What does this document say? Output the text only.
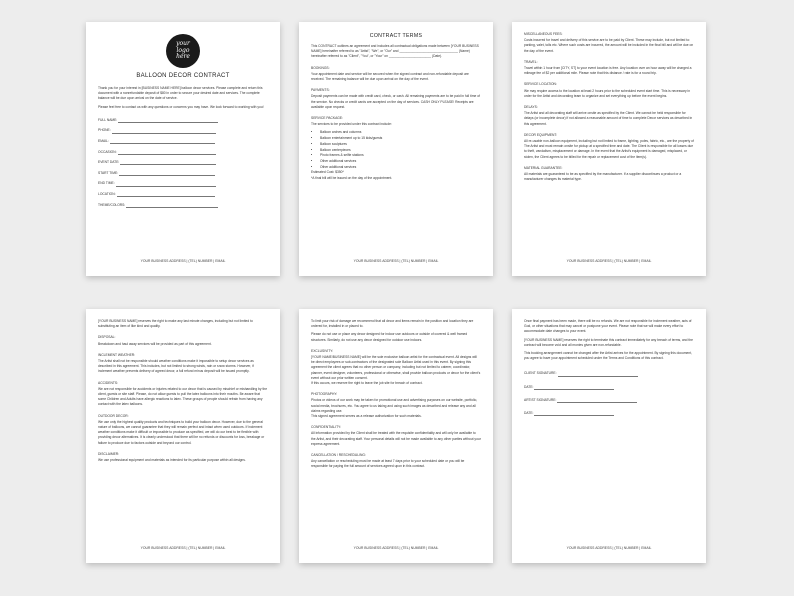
your
logo
here
BALLOON DECOR CONTRACT

Thank you for your interest in [BUSINESS NAME HERE] balloon decor services. Please complete and return this document with a nonrefundable deposit of $80 in order to secure your desired date and services. The complete balance will be due upon arrival on the date of service.

Please feel free to contact us with any questions or concerns you may have. We look forward to working with you!

FULL NAME:
PHONE:
EMAIL:
OCCASION:
EVENT DATE:
START TIME:
END TIME:
LOCATION:
THEME/COLORS:
YOUR BUSINESS ADDRESS | (TEL) NUMBER | EMAIL
CONTRACT TERMS

This CONTRACT outlines an agreement and includes all contractual obligations made between [YOUR BUSINESS NAME] hereinafter referred to as "Artist", "We", or "Our" and ________________________________ (Name) hereinafter referred to as "Client", "You", or "Your" on _______________________ (Date).

BOOKINGS:

Your appointment date and service will be secured when the signed contract and non-refundable deposit are received. The remaining balance will be due upon arrival on the day of the event.

PAYMENTS:

Deposit payments can be made with credit card, check, or cash. All remaining payments are to be paid in full time of the service. No checks or credit cards are accepted on the day of services. CASH ONLY PLEASE! Receipts are available upon request.

SERVICE PACKAGE:

The services to be provided under this contract include:

• Balloon arches and columns
• Balloon entertainment up to 15 kids/guests
• Balloon sculptures
• Balloon centerpieces
• Photo frames & selfie stations
• Other additional services
• Other additional services
Estimated Cost: $350*
*A final bill will be issued on the day of the appointment.
YOUR BUSINESS ADDRESS | (TEL) NUMBER | EMAIL
MISCELLANEOUS FEES:

Costs incurred for travel and delivery of this service are to be paid by Client. These may include, but not limited to: parking, valet, tolls etc. Where such costs are incurred, the amount will be included in the final bill and will be due on the day of the event.

TRAVEL:

Travel within 1 hour from [CITY, ST] to your event location is free. Any location over an hour away will be charged a mileage fee of $2 per additional mile. Please note that this distance / rate is for a round trip.

SERVICE LOCATION:

We may require access to the location at least 2 hours prior to the scheduled event start time. This is necessary in order for the Artist and decorating team to organize and set everything up before the event begins.

DELAYS:

The Artist and all decorating staff will arrive onsite as specified by the Client. We cannot be held responsible for delays (or incomplete decor) if not allowed a reasonable amount of time to complete Decor services as described in this agreement.

DECOR EQUIPMENT:

All re-usable non-balloon equipment, including but not limited to frame, lighting, poles, fabric, etc., are the property of The Artist and must remain onsite for pickup at a specified time and date. The Client is responsible for all losses due to theft, vandalism, misplacement or damage. In the event that the Artist's equipment is damaged, misplaced, or stolen, the Client agrees to be billed for the repair or replacement cost of the item(s).

MATERIAL GUARANTEE:

All materials are guaranteed to be as specified by the manufacturer. If a supplier discontinues a product or a manufacturer changes its material type.

YOUR BUSINESS ADDRESS | (TEL) NUMBER | EMAIL

[YOUR BUSINESS NAME] reserves the right to make any last minute changes, including but not limited to substituting an item of like kind and quality.

DISPOSAL:

Breakdown and haul away services will be provided as part of this agreement.

INCLEMENT WEATHER:

The Artist shall not be responsible should weather conditions make it impossible to setup decor services as described in this agreement. This includes, but not limited to strong winds, rain or snow storms. However, if inclement weather prevents delivery of agreed decor, a full refund minus deposit will be issued promptly.

ACCIDENTS:

We are not responsible for accidents or injuries related to our decor that is caused by mischief or mishandling by the client, guests or site staff. Please, do not allow guests to pull the latex balloons into their mouths. Be aware that some Children and Adults have allergic reactions to latex. These groups of people should refrain from having any contact with the latex balloons.

OUTDOOR DECOR:

We use only the highest quality products and techniques to build your balloon decor. However, due to the general nature of balloons, we cannot guarantee that they will remain perfect and intact when used outdoors. If inclement weather conditions make it difficult or impossible to produce as specified, we will do our best to be flexible with providing decor alternatives. It is clearly understood that there will be no refunds or discounts for loss, breakage or failure to produce due to factors outside and beyond our control.

DISCLAIMER:

We use professional equipment and materials as intended for its particular purpose within all designs.

YOUR BUSINESS ADDRESS | (TEL) NUMBER | EMAIL

To limit your risk of damage we recommend that all decor and items remain in the position and location they are ordered for, installed in or placed to.

Please do not use or place any decor designed for indoor use outdoors or outside of covered & well framed structures. Similarly, do not use any decor designed for outdoor use indoors.

EXCLUSIVITY:

[YOUR NAME/BUSINESS NAME] will be the sole exclusive balloon artist for the contractual event. All designs will be direct employees or sub-contractors of the designated sole Balloon Artist used in this event. By signing this agreement the client agrees that no other person or company, including but not limited to caterer, coordinator, planner, event designer, volunteers, professional or otherwise, shall provide balloon products or decor for the client's event without our prior written consent.

If this occurs, we reserve the right to leave the job site for breach of contract.

PHOTOGRAPHY:

Photos or videos of our work may be taken for promotional use and advertising purposes on our website, portfolio, social media, brochures, etc. You agree to us taking and using such images as described and release any and all claims regarding use.

This signed agreement serves as a release authorization for such materials.

CONFIDENTIALITY:

All information provided by the Client shall be treated with the requisite confidentiality and will only be available to the Artist, and their decorating staff. Your personal details will not be made available to any other parties without your express agreement.

CANCELLATION / RESCHEDULING:

Any cancellation or rescheduling must be made at least 7 days prior to your scheduled date or you will be responsible for paying the full amount of services agreed upon in this contract.

YOUR BUSINESS ADDRESS | (TEL) NUMBER | EMAIL

Once final payment has been made, there will be no refunds. We are not responsible for inclement weather, acts of God, or other situations that may cancel or postpone your event. Please note that we will make every effort to accommodate date changes to your event.

[YOUR BUSINESS NAME] reserves the right to terminate this contract immediately for any breach of terms, and the contract will become void and all monies given are non-refundable.

This booking arrangement cannot be changed after the Artist arrives for the appointment. By signing this document, you agree to have your appointment scheduled under the Terms and Conditions of this contract.

CLIENT SIGNATURE:
DATE:
ARTIST SIGNATURE:
DATE:
YOUR BUSINESS ADDRESS | (TEL) NUMBER | EMAIL
